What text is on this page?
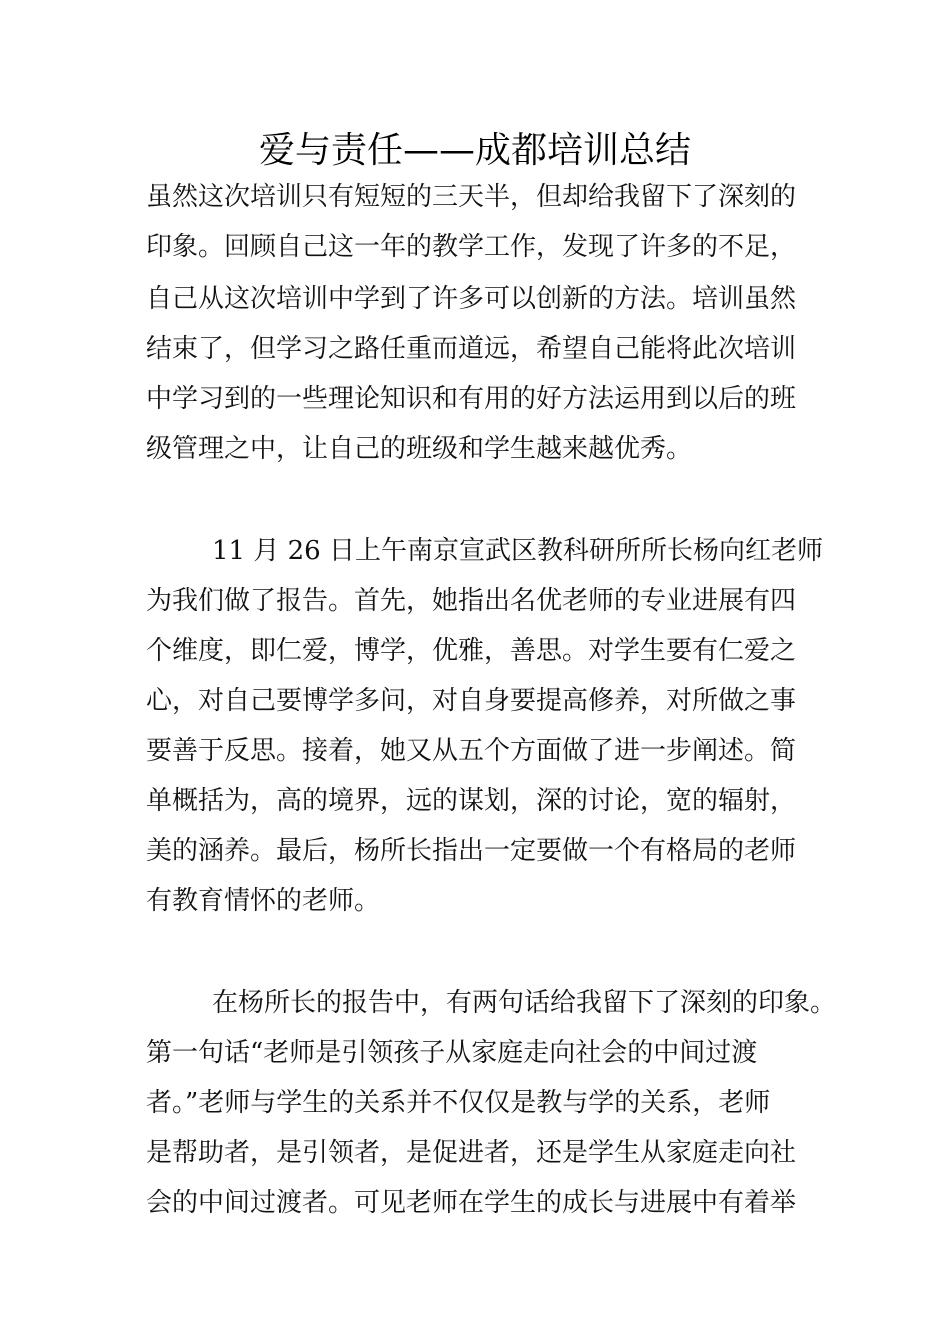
爱与责任——成都培训总结
虽然这次培训只有短短的三天半，但却给我留下了深刻的
印象。回顾自己这一年的教学工作，发现了许多的不足，
自己从这次培训中学到了许多可以创新的方法。培训虽然
结束了，但学习之路任重而道远，希望自己能将此次培训
中学习到的一些理论知识和有用的好方法运用到以后的班
级管理之中，让自己的班级和学生越来越优秀。
11 月 26 日上午南京宣武区教科研所所长杨向红老师
为我们做了报告。首先，她指出名优老师的专业进展有四
个维度，即仁爱，博学，优雅，善思。对学生要有仁爱之
心，对自己要博学多问，对自身要提高修养，对所做之事
要善于反思。接着，她又从五个方面做了进一步阐述。简
单概括为，高的境界，远的谋划，深的讨论，宽的辐射，
美的涵养。最后，杨所长指出一定要做一个有格局的老师
有教育情怀的老师。
在杨所长的报告中，有两句话给我留下了深刻的印象。
第一句话“老师是引领孩子从家庭走向社会的中间过渡
者。”老师与学生的关系并不仅仅是教与学的关系，老师
是帮助者，是引领者，是促进者，还是学生从家庭走向社
会的中间过渡者。可见老师在学生的成长与进展中有着举
